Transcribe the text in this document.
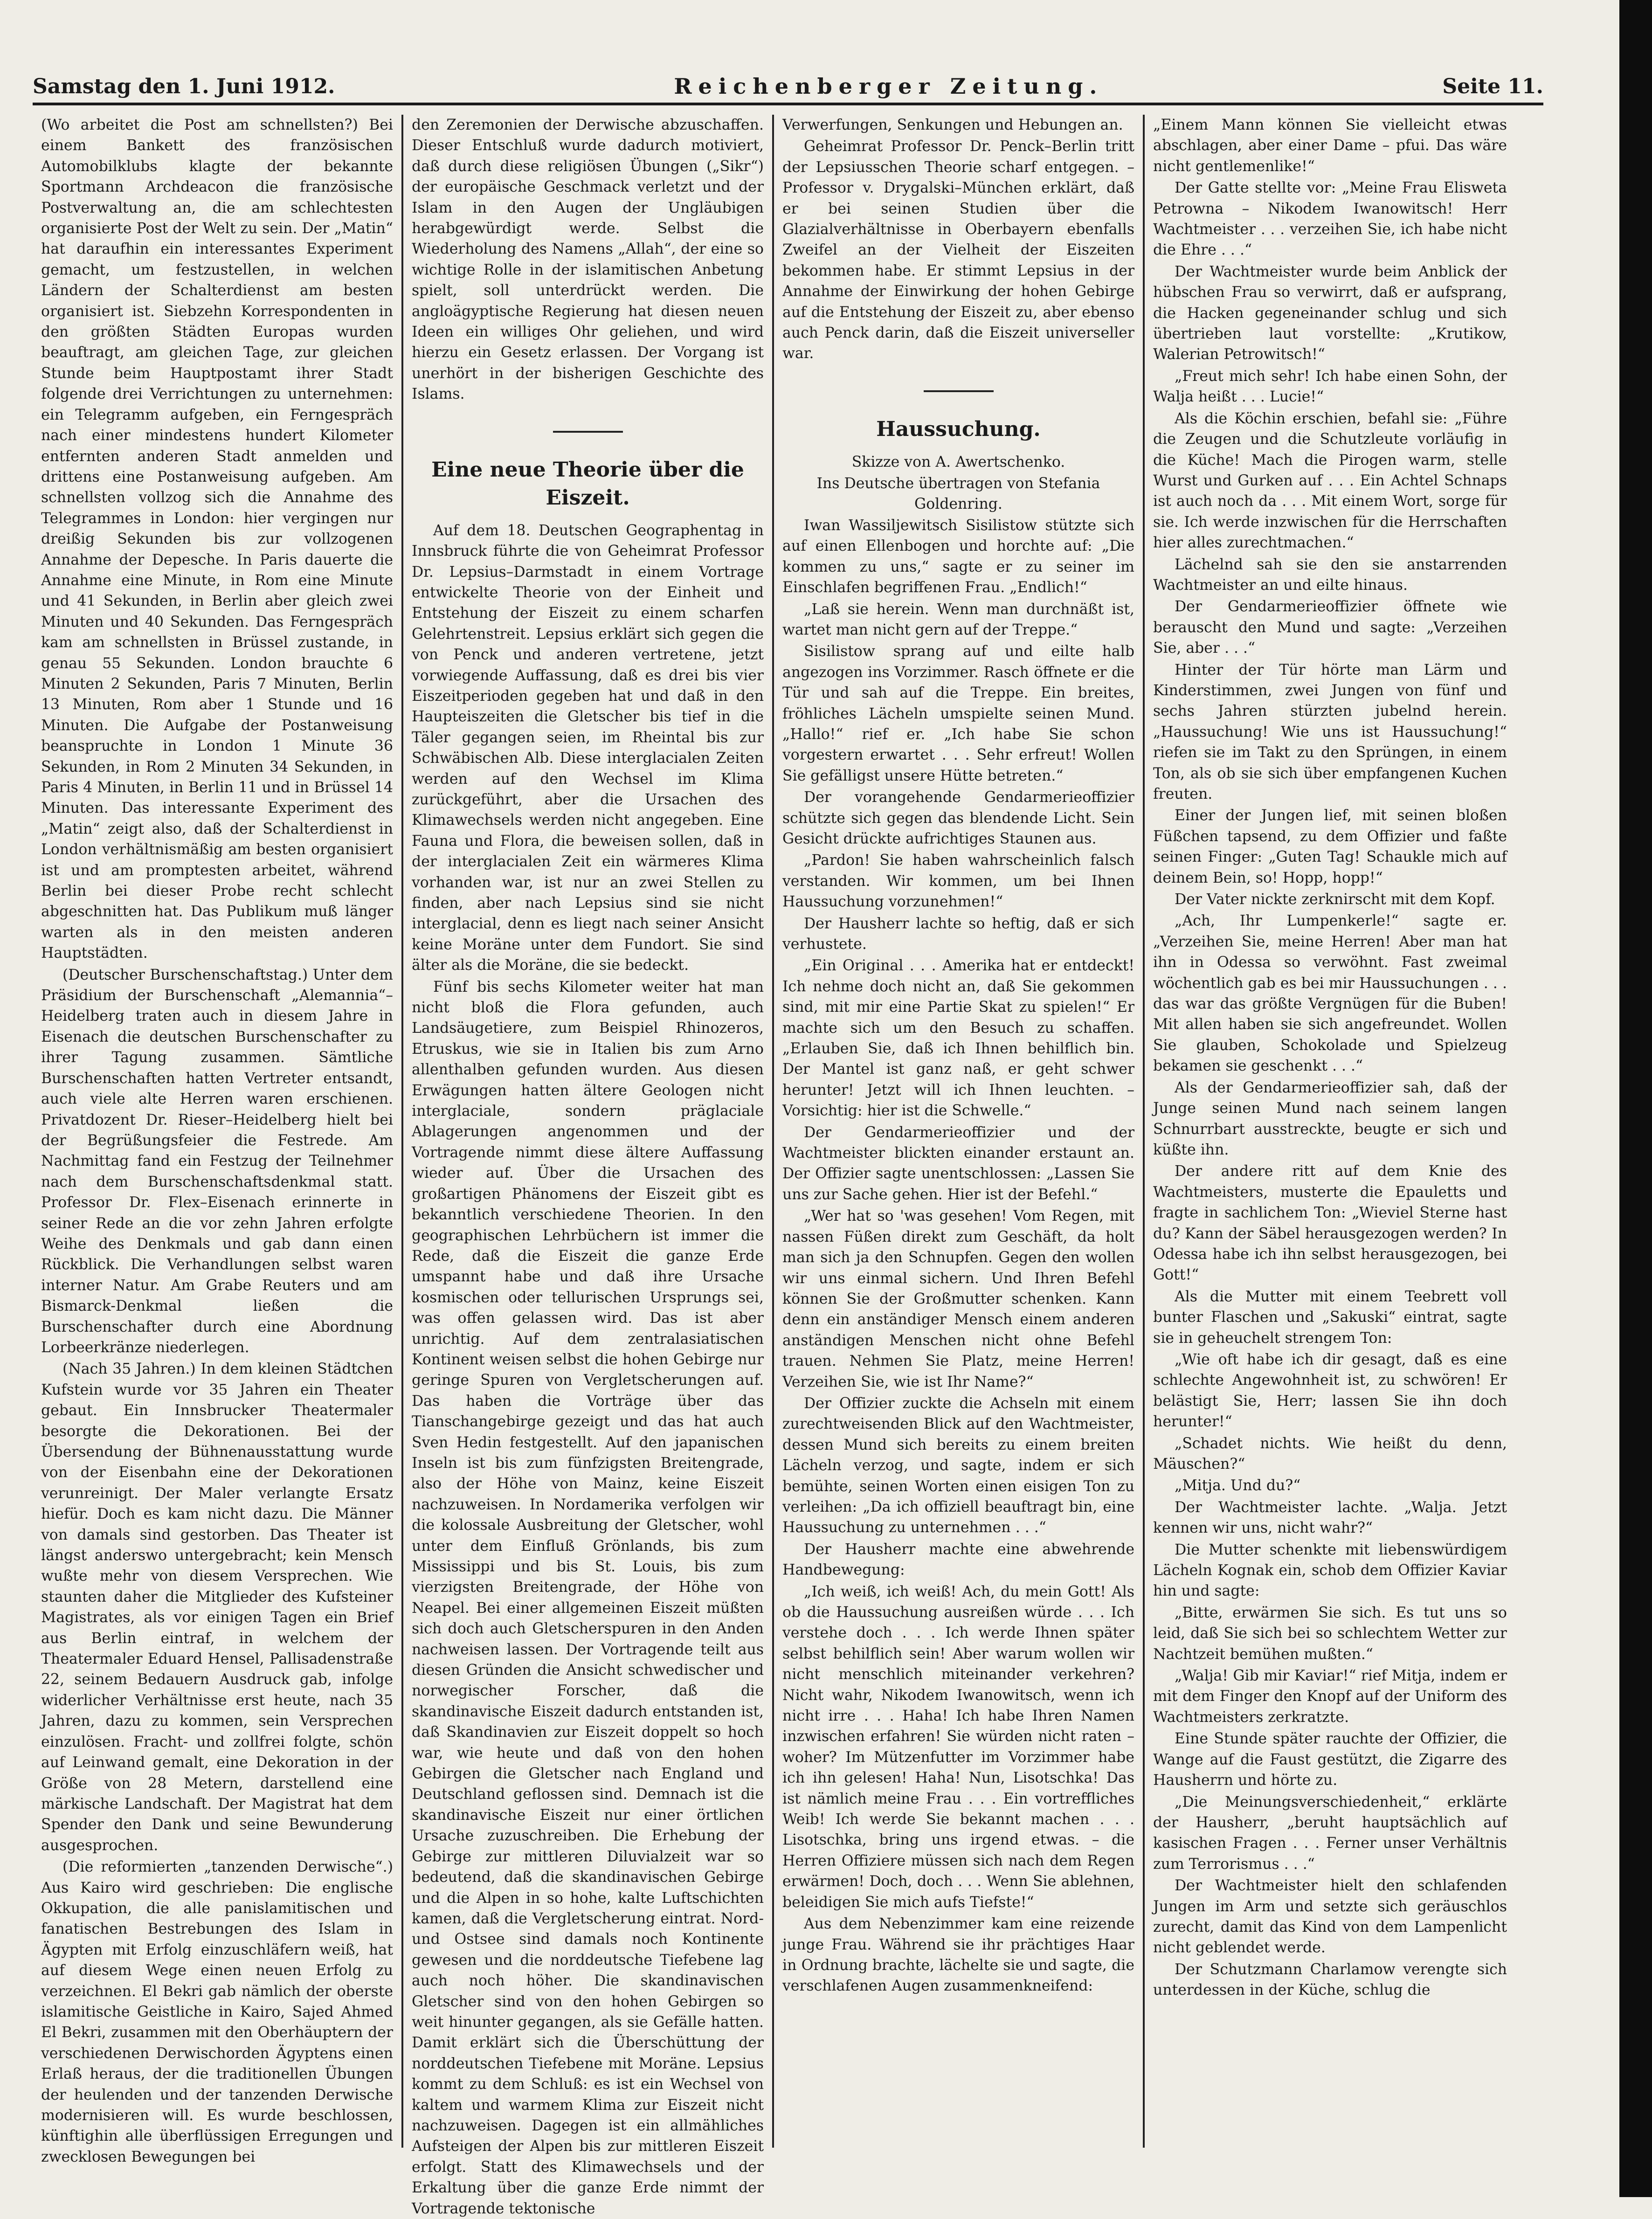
Samstag den 1. Juni 1912.	Reichenberger Zeitung.	Seite 11.

(Wo arbeitet die Post am schnellsten?) Bei einem Bankett des französischen Automobilklubs klagte der bekannte Sportmann Archdeacon die französische Postverwaltung an, die am schlechtesten organisierte Post der Welt zu sein. Der „Matin“ hat daraufhin ein interessantes Experiment gemacht, um festzustellen, in welchen Ländern der Schalterdienst am besten organisiert ist. Siebzehn Korrespondenten in den größten Städten Europas wurden beauftragt, am gleichen Tage, zur gleichen Stunde beim Hauptpostamt ihrer Stadt folgende drei Verrichtungen zu unternehmen: ein Telegramm aufgeben, ein Ferngespräch nach einer mindestens hundert Kilometer entfernten anderen Stadt anmelden und drittens eine Postanweisung aufgeben. Am schnellsten vollzog sich die Annahme des Telegrammes in London: hier vergingen nur dreißig Sekunden bis zur vollzogenen Annahme der Depesche. In Paris dauerte die Annahme eine Minute, in Rom eine Minute und 41 Sekunden, in Berlin aber gleich zwei Minuten und 40 Sekunden. Das Ferngespräch kam am schnellsten in Brüssel zustande, in genau 55 Sekunden. London brauchte 6 Minuten 2 Sekunden, Paris 7 Minuten, Berlin 13 Minuten, Rom aber 1 Stunde und 16 Minuten. Die Aufgabe der Postanweisung beanspruchte in London 1 Minute 36 Sekunden, in Rom 2 Minuten 34 Sekunden, in Paris 4 Minuten, in Berlin 11 und in Brüssel 14 Minuten. Das interessante Experiment des „Matin“ zeigt also, daß der Schalterdienst in London verhältnismäßig am besten organisiert ist und am promptesten arbeitet, während Berlin bei dieser Probe recht schlecht abgeschnitten hat. Das Publikum muß länger warten als in den meisten anderen Hauptstädten.

(Deutscher Burschenschaftstag.) Unter dem Präsidium der Burschenschaft „Alemannia“–Heidelberg traten auch in diesem Jahre in Eisenach die deutschen Burschenschafter zu ihrer Tagung zusammen. Sämtliche Burschenschaften hatten Vertreter entsandt, auch viele alte Herren waren erschienen. Privatdozent Dr. Rieser–Heidelberg hielt bei der Begrüßungsfeier die Festrede. Am Nachmittag fand ein Festzug der Teilnehmer nach dem Burschenschaftsdenkmal statt. Professor Dr. Flex–Eisenach erinnerte in seiner Rede an die vor zehn Jahren erfolgte Weihe des Denkmals und gab dann einen Rückblick. Die Verhandlungen selbst waren interner Natur. Am Grabe Reuters und am Bismarck-Denkmal ließen die Burschenschafter durch eine Abordnung Lorbeerkränze niederlegen.

(Nach 35 Jahren.) In dem kleinen Städtchen Kufstein wurde vor 35 Jahren ein Theater gebaut. Ein Innsbrucker Theatermaler besorgte die Dekorationen. Bei der Übersendung der Bühnenausstattung wurde von der Eisenbahn eine der Dekorationen verunreinigt. Der Maler verlangte Ersatz hiefür. Doch es kam nicht dazu. Die Männer von damals sind gestorben. Das Theater ist längst anderswo untergebracht; kein Mensch wußte mehr von diesem Versprechen. Wie staunten daher die Mitglieder des Kufsteiner Magistrates, als vor einigen Tagen ein Brief aus Berlin eintraf, in welchem der Theatermaler Eduard Hensel, Pallisadenstraße 22, seinem Bedauern Ausdruck gab, infolge widerlicher Verhältnisse erst heute, nach 35 Jahren, dazu zu kommen, sein Versprechen einzulösen. Fracht- und zollfrei folgte, schön auf Leinwand gemalt, eine Dekoration in der Größe von 28 Metern, darstellend eine märkische Landschaft. Der Magistrat hat dem Spender den Dank und seine Bewunderung ausgesprochen.

(Die reformierten „tanzenden Derwische“.) Aus Kairo wird geschrieben: Die englische Okkupation, die alle panislamitischen und fanatischen Bestrebungen des Islam in Ägypten mit Erfolg einzuschläfern weiß, hat auf diesem Wege einen neuen Erfolg zu verzeichnen. El Bekri gab nämlich der oberste islamitische Geistliche in Kairo, Sajed Ahmed El Bekri, zusammen mit den Oberhäuptern der verschiedenen Derwischorden Ägyptens einen Erlaß heraus, der die traditionellen Übungen der heulenden und der tanzenden Derwische modernisieren will. Es wurde beschlossen, künftighin alle überflüssigen Erregungen und zwecklosen Bewegungen bei

den Zeremonien der Derwische abzuschaffen. Dieser Entschluß wurde dadurch motiviert, daß durch diese religiösen Übungen („Sikr“) der europäische Geschmack verletzt und der Islam in den Augen der Ungläubigen herabgewürdigt werde. Selbst die Wiederholung des Namens „Allah“, der eine so wichtige Rolle in der islamitischen Anbetung spielt, soll unterdrückt werden. Die angloägyptische Regierung hat diesen neuen Ideen ein williges Ohr geliehen, und wird hierzu ein Gesetz erlassen. Der Vorgang ist unerhört in der bisherigen Geschichte des Islams.

Eine neue Theorie über die Eiszeit.

Auf dem 18. Deutschen Geographentag in Innsbruck führte die von Geheimrat Professor Dr. Lepsius–Darmstadt in einem Vortrage entwickelte Theorie von der Einheit und Entstehung der Eiszeit zu einem scharfen Gelehrtenstreit. Lepsius erklärt sich gegen die von Penck und anderen vertretene, jetzt vorwiegende Auffassung, daß es drei bis vier Eiszeitperioden gegeben hat und daß in den Haupteiszeiten die Gletscher bis tief in die Täler gegangen seien, im Rheintal bis zur Schwäbischen Alb. Diese interglacialen Zeiten werden auf den Wechsel im Klima zurückgeführt, aber die Ursachen des Klimawechsels werden nicht angegeben. Eine Fauna und Flora, die beweisen sollen, daß in der interglacialen Zeit ein wärmeres Klima vorhanden war, ist nur an zwei Stellen zu finden, aber nach Lepsius sind sie nicht interglacial, denn es liegt nach seiner Ansicht keine Moräne unter dem Fundort. Sie sind älter als die Moräne, die sie bedeckt.

Fünf bis sechs Kilometer weiter hat man nicht bloß die Flora gefunden, auch Landsäugetiere, zum Beispiel Rhinozeros, Etruskus, wie sie in Italien bis zum Arno allenthalben gefunden wurden. Aus diesen Erwägungen hatten ältere Geologen nicht interglaciale, sondern präglaciale Ablagerungen angenommen und der Vortragende nimmt diese ältere Auffassung wieder auf. Über die Ursachen des großartigen Phänomens der Eiszeit gibt es bekanntlich verschiedene Theorien. In den geographischen Lehrbüchern ist immer die Rede, daß die Eiszeit die ganze Erde umspannt habe und daß ihre Ursache kosmischen oder tellurischen Ursprungs sei, was offen gelassen wird. Das ist aber unrichtig. Auf dem zentralasiatischen Kontinent weisen selbst die hohen Gebirge nur geringe Spuren von Vergletscherungen auf. Das haben die Vorträge über das Tianschangebirge gezeigt und das hat auch Sven Hedin festgestellt. Auf den japanischen Inseln ist bis zum fünfzigsten Breitengrade, also der Höhe von Mainz, keine Eiszeit nachzuweisen. In Nordamerika verfolgen wir die kolossale Ausbreitung der Gletscher, wohl unter dem Einfluß Grönlands, bis zum Mississippi und bis St. Louis, bis zum vierzigsten Breitengrade, der Höhe von Neapel. Bei einer allgemeinen Eiszeit müßten sich doch auch Gletscherspuren in den Anden nachweisen lassen. Der Vortragende teilt aus diesen Gründen die Ansicht schwedischer und norwegischer Forscher, daß die skandinavische Eiszeit dadurch entstanden ist, daß Skandinavien zur Eiszeit doppelt so hoch war, wie heute und daß von den hohen Gebirgen die Gletscher nach England und Deutschland geflossen sind. Demnach ist die skandinavische Eiszeit nur einer örtlichen Ursache zuzuschreiben. Die Erhebung der Gebirge zur mittleren Diluvialzeit war so bedeutend, daß die skandinavischen Gebirge und die Alpen in so hohe, kalte Luftschichten kamen, daß die Vergletscherung eintrat. Nord- und Ostsee sind damals noch Kontinente gewesen und die norddeutsche Tiefebene lag auch noch höher. Die skandinavischen Gletscher sind von den hohen Gebirgen so weit hinunter gegangen, als sie Gefälle hatten. Damit erklärt sich die Überschüttung der norddeutschen Tiefebene mit Moräne. Lepsius kommt zu dem Schluß: es ist ein Wechsel von kaltem und warmem Klima zur Eiszeit nicht nachzuweisen. Dagegen ist ein allmähliches Aufsteigen der Alpen bis zur mittleren Eiszeit erfolgt. Statt des Klimawechsels und der Erkaltung über die ganze Erde nimmt der Vortragende tektonische

Verwerfungen, Senkungen und Hebungen an.

Geheimrat Professor Dr. Penck–Berlin tritt der Lepsiusschen Theorie scharf entgegen. – Professor v. Drygalski–München erklärt, daß er bei seinen Studien über die Glazialverhältnisse in Oberbayern ebenfalls Zweifel an der Vielheit der Eiszeiten bekommen habe. Er stimmt Lepsius in der Annahme der Einwirkung der hohen Gebirge auf die Entstehung der Eiszeit zu, aber ebenso auch Penck darin, daß die Eiszeit universeller war.

Haussuchung.

Skizze von A. Awertschenko.

Ins Deutsche übertragen von Stefania Goldenring.

Iwan Wassiljewitsch Sisilistow stützte sich auf einen Ellenbogen und horchte auf: „Die kommen zu uns,“ sagte er zu seiner im Einschlafen begriffenen Frau. „Endlich!“

„Laß sie herein. Wenn man durchnäßt ist, wartet man nicht gern auf der Treppe.“

Sisilistow sprang auf und eilte halb angezogen ins Vorzimmer. Rasch öffnete er die Tür und sah auf die Treppe. Ein breites, fröhliches Lächeln umspielte seinen Mund. „Hallo!“ rief er. „Ich habe Sie schon vorgestern erwartet . . . Sehr erfreut! Wollen Sie gefälligst unsere Hütte betreten.“

Der vorangehende Gendarmerieoffizier schützte sich gegen das blendende Licht. Sein Gesicht drückte aufrichtiges Staunen aus.

„Pardon! Sie haben wahrscheinlich falsch verstanden. Wir kommen, um bei Ihnen Haussuchung vorzunehmen!“

Der Hausherr lachte so heftig, daß er sich verhustete.

„Ein Original . . . Amerika hat er entdeckt! Ich nehme doch nicht an, daß Sie gekommen sind, mit mir eine Partie Skat zu spielen!“ Er machte sich um den Besuch zu schaffen. „Erlauben Sie, daß ich Ihnen behilflich bin. Der Mantel ist ganz naß, er geht schwer herunter! Jetzt will ich Ihnen leuchten. – Vorsichtig: hier ist die Schwelle.“

Der Gendarmerieoffizier und der Wachtmeister blickten einander erstaunt an. Der Offizier sagte unentschlossen: „Lassen Sie uns zur Sache gehen. Hier ist der Befehl.“

„Wer hat so 'was gesehen! Vom Regen, mit nassen Füßen direkt zum Geschäft, da holt man sich ja den Schnupfen. Gegen den wollen wir uns einmal sichern. Und Ihren Befehl können Sie der Großmutter schenken. Kann denn ein anständiger Mensch einem anderen anständigen Menschen nicht ohne Befehl trauen. Nehmen Sie Platz, meine Herren! Verzeihen Sie, wie ist Ihr Name?“

Der Offizier zuckte die Achseln mit einem zurechtweisenden Blick auf den Wachtmeister, dessen Mund sich bereits zu einem breiten Lächeln verzog, und sagte, indem er sich bemühte, seinen Worten einen eisigen Ton zu verleihen: „Da ich offiziell beauftragt bin, eine Haussuchung zu unternehmen . . .“

Der Hausherr machte eine abwehrende Handbewegung:

„Ich weiß, ich weiß! Ach, du mein Gott! Als ob die Haussuchung ausreißen würde . . . Ich verstehe doch . . . Ich werde Ihnen später selbst behilflich sein! Aber warum wollen wir nicht menschlich miteinander verkehren? Nicht wahr, Nikodem Iwanowitsch, wenn ich nicht irre . . . Haha! Ich habe Ihren Namen inzwischen erfahren! Sie würden nicht raten – woher? Im Mützenfutter im Vorzimmer habe ich ihn gelesen! Haha! Nun, Lisotschka! Das ist nämlich meine Frau . . . Ein vortreffliches Weib! Ich werde Sie bekannt machen . . . Lisotschka, bring uns irgend etwas. – die Herren Offiziere müssen sich nach dem Regen erwärmen! Doch, doch . . . Wenn Sie ablehnen, beleidigen Sie mich aufs Tiefste!“

Aus dem Nebenzimmer kam eine reizende junge Frau. Während sie ihr prächtiges Haar in Ordnung brachte, lächelte sie und sagte, die verschlafenen Augen zusammenkneifend:

„Einem Mann können Sie vielleicht etwas abschlagen, aber einer Dame – pfui. Das wäre nicht gentlemenlike!“

Der Gatte stellte vor: „Meine Frau Elisweta Petrowna – Nikodem Iwanowitsch! Herr Wachtmeister . . . verzeihen Sie, ich habe nicht die Ehre . . .“

Der Wachtmeister wurde beim Anblick der hübschen Frau so verwirrt, daß er aufsprang, die Hacken gegeneinander schlug und sich übertrieben laut vorstellte: „Krutikow, Walerian Petrowitsch!“

„Freut mich sehr! Ich habe einen Sohn, der Walja heißt . . . Lucie!“

Als die Köchin erschien, befahl sie: „Führe die Zeugen und die Schutzleute vorläufig in die Küche! Mach die Pirogen warm, stelle Wurst und Gurken auf . . . Ein Achtel Schnaps ist auch noch da . . . Mit einem Wort, sorge für sie. Ich werde inzwischen für die Herrschaften hier alles zurechtmachen.“

Lächelnd sah sie den sie anstarrenden Wachtmeister an und eilte hinaus.

Der Gendarmerieoffizier öffnete wie berauscht den Mund und sagte: „Verzeihen Sie, aber . . .“

Hinter der Tür hörte man Lärm und Kinderstimmen, zwei Jungen von fünf und sechs Jahren stürzten jubelnd herein. „Haussuchung! Wie uns ist Haussuchung!“ riefen sie im Takt zu den Sprüngen, in einem Ton, als ob sie sich über empfangenen Kuchen freuten.

Einer der Jungen lief, mit seinen bloßen Füßchen tapsend, zu dem Offizier und faßte seinen Finger: „Guten Tag! Schaukle mich auf deinem Bein, so! Hopp, hopp!“

Der Vater nickte zerknirscht mit dem Kopf.

„Ach, Ihr Lumpenkerle!“ sagte er. „Verzeihen Sie, meine Herren! Aber man hat ihn in Odessa so verwöhnt. Fast zweimal wöchentlich gab es bei mir Haussuchungen . . . das war das größte Vergnügen für die Buben! Mit allen haben sie sich angefreundet. Wollen Sie glauben, Schokolade und Spielzeug bekamen sie geschenkt . . .“

Als der Gendarmerieoffizier sah, daß der Junge seinen Mund nach seinem langen Schnurrbart ausstreckte, beugte er sich und küßte ihn.

Der andere ritt auf dem Knie des Wachtmeisters, musterte die Epauletts und fragte in sachlichem Ton: „Wieviel Sterne hast du? Kann der Säbel herausgezogen werden? In Odessa habe ich ihn selbst herausgezogen, bei Gott!“

Als die Mutter mit einem Teebrett voll bunter Flaschen und „Sakuski“ eintrat, sagte sie in geheuchelt strengem Ton:

„Wie oft habe ich dir gesagt, daß es eine schlechte Angewohnheit ist, zu schwören! Er belästigt Sie, Herr; lassen Sie ihn doch herunter!“

„Schadet nichts. Wie heißt du denn, Mäuschen?“

„Mitja. Und du?“

Der Wachtmeister lachte. „Walja. Jetzt kennen wir uns, nicht wahr?“

Die Mutter schenkte mit liebenswürdigem Lächeln Kognak ein, schob dem Offizier Kaviar hin und sagte:

„Bitte, erwärmen Sie sich. Es tut uns so leid, daß Sie sich bei so schlechtem Wetter zur Nachtzeit bemühen mußten.“

„Walja! Gib mir Kaviar!“ rief Mitja, indem er mit dem Finger den Knopf auf der Uniform des Wachtmeisters zerkratzte.

Eine Stunde später rauchte der Offizier, die Wange auf die Faust gestützt, die Zigarre des Hausherrn und hörte zu.

„Die Meinungsverschiedenheit,“ erklärte der Hausherr, „beruht hauptsächlich auf kasischen Fragen . . . Ferner unser Verhältnis zum Terrorismus . . .“

Der Wachtmeister hielt den schlafenden Jungen im Arm und setzte sich geräuschlos zurecht, damit das Kind von dem Lampenlicht nicht geblendet werde.

Der Schutzmann Charlamow verengte sich unterdessen in der Küche, schlug die
